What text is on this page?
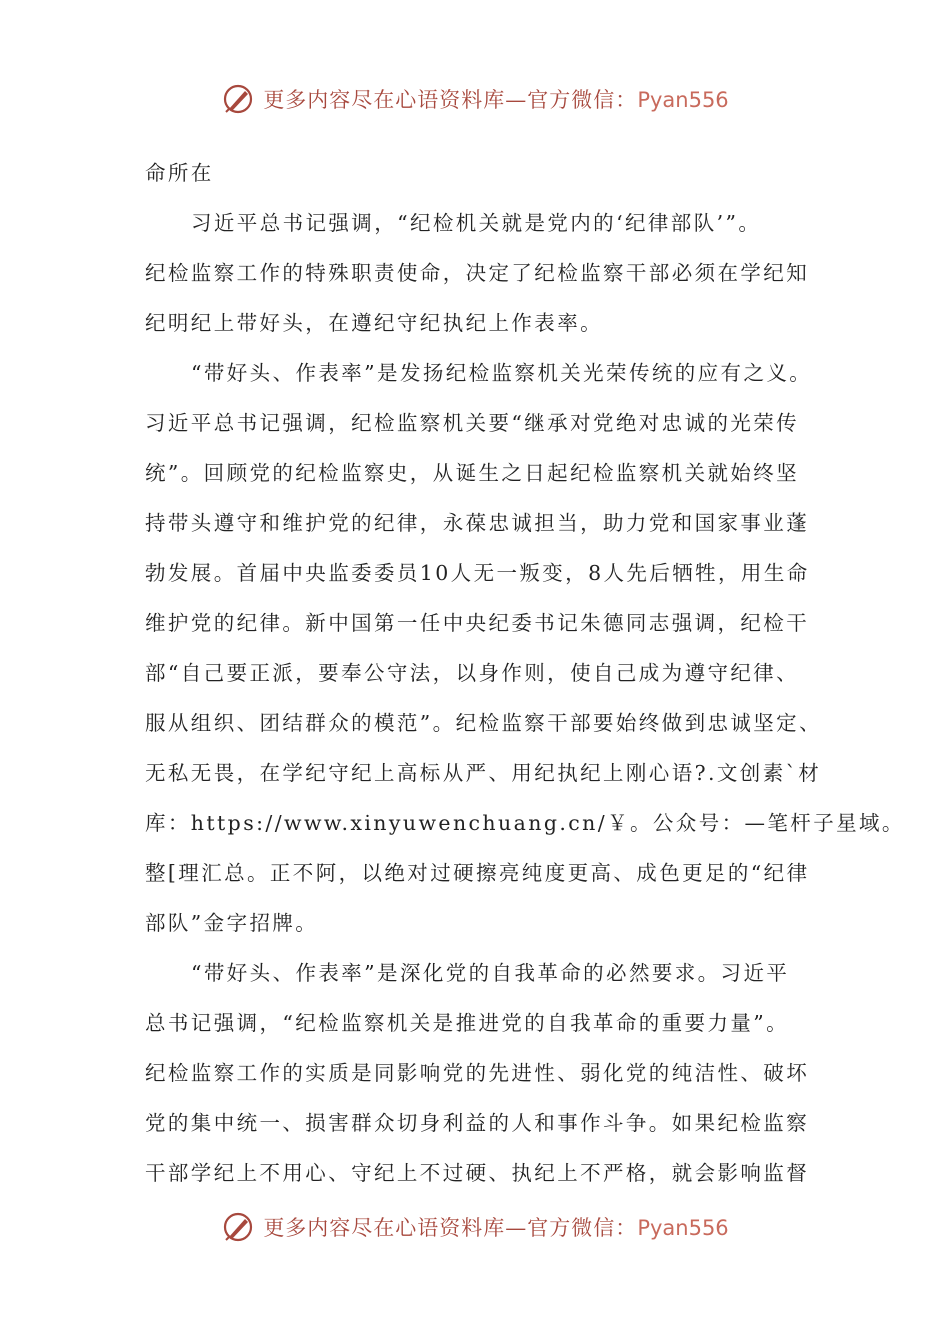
更多内容尽在心语资料库—官方微信：Pyan556
命所在
习近平总书记强调，“纪检机关就是党内的‘纪律部队’”。
纪检监察工作的特殊职责使命，决定了纪检监察干部必须在学纪知
纪明纪上带好头，在遵纪守纪执纪上作表率。
“带好头、作表率”是发扬纪检监察机关光荣传统的应有之义。
习近平总书记强调，纪检监察机关要“继承对党绝对忠诚的光荣传
统”。回顾党的纪检监察史，从诞生之日起纪检监察机关就始终坚
持带头遵守和维护党的纪律，永葆忠诚担当，助力党和国家事业蓬
勃发展。首届中央监委委员10人无一叛变，8人先后牺牲，用生命
维护党的纪律。新中国第一任中央纪委书记朱德同志强调，纪检干
部“自己要正派，要奉公守法，以身作则，使自己成为遵守纪律、
服从组织、团结群众的模范”。纪检监察干部要始终做到忠诚坚定、
无私无畏，在学纪守纪上高标从严、用纪执纪上刚心语?.文创素`材
库：https://www.xinyuwenchuang.cn/￥。公众号：—笔杆子星域。
整[理汇总。正不阿，以绝对过硬擦亮纯度更高、成色更足的“纪律
部队”金字招牌。
“带好头、作表率”是深化党的自我革命的必然要求。习近平
总书记强调，“纪检监察机关是推进党的自我革命的重要力量”。
纪检监察工作的实质是同影响党的先进性、弱化党的纯洁性、破坏
党的集中统一、损害群众切身利益的人和事作斗争。如果纪检监察
干部学纪上不用心、守纪上不过硬、执纪上不严格，就会影响监督
更多内容尽在心语资料库—官方微信：Pyan556
